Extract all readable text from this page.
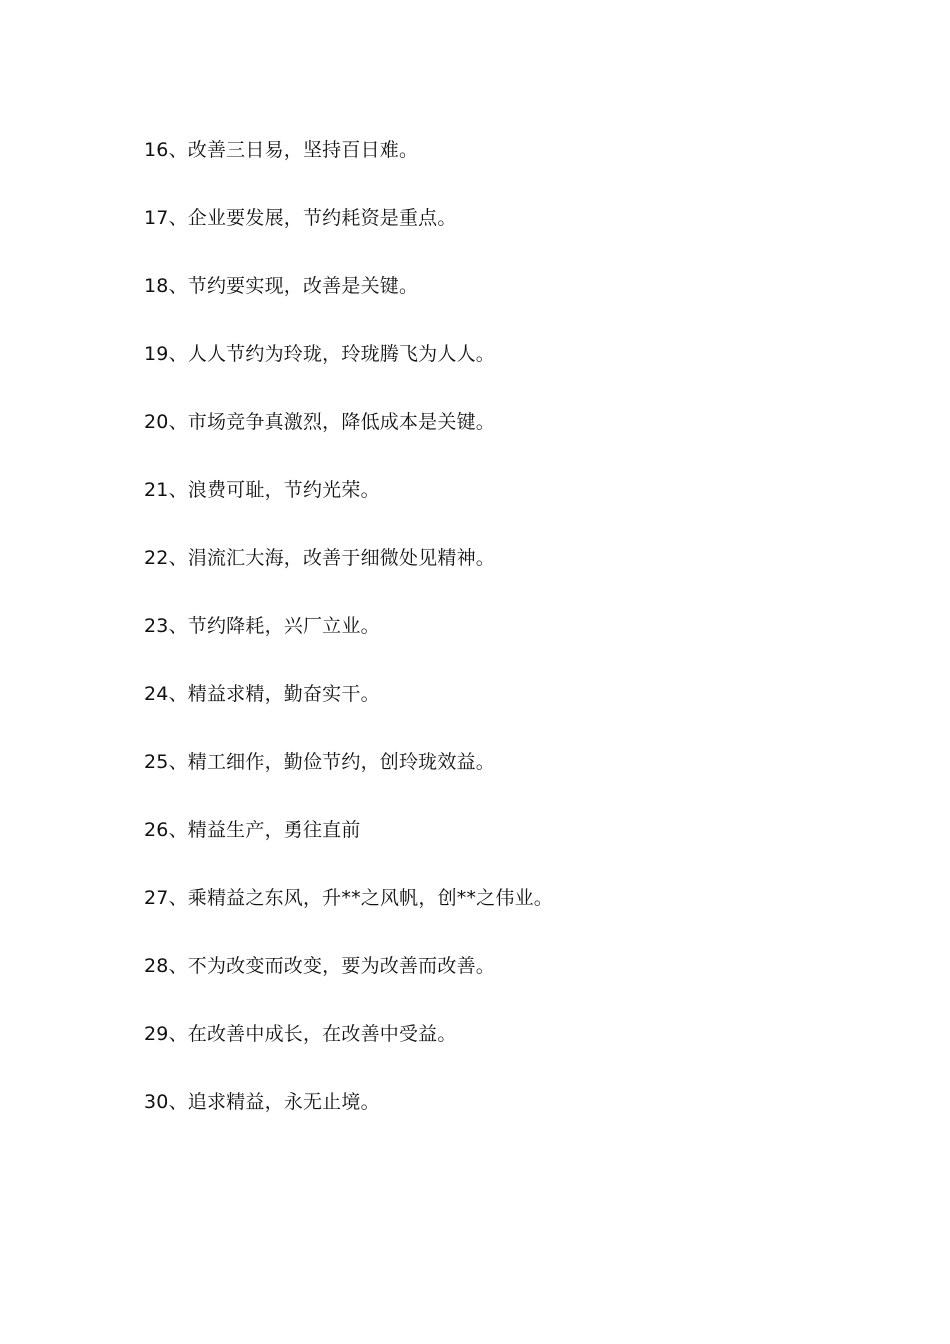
16、改善三日易，坚持百日难。
17、企业要发展，节约耗资是重点。
18、节约要实现，改善是关键。
19、人人节约为玲珑，玲珑腾飞为人人。
20、市场竞争真激烈，降低成本是关键。
21、浪费可耻，节约光荣。
22、涓流汇大海，改善于细微处见精神。
23、节约降耗，兴厂立业。
24、精益求精，勤奋实干。
25、精工细作，勤俭节约，创玲珑效益。
26、精益生产，勇往直前
27、乘精益之东风，升**之风帆，创**之伟业。
28、不为改变而改变，要为改善而改善。
29、在改善中成长，在改善中受益。
30、追求精益，永无止境。
